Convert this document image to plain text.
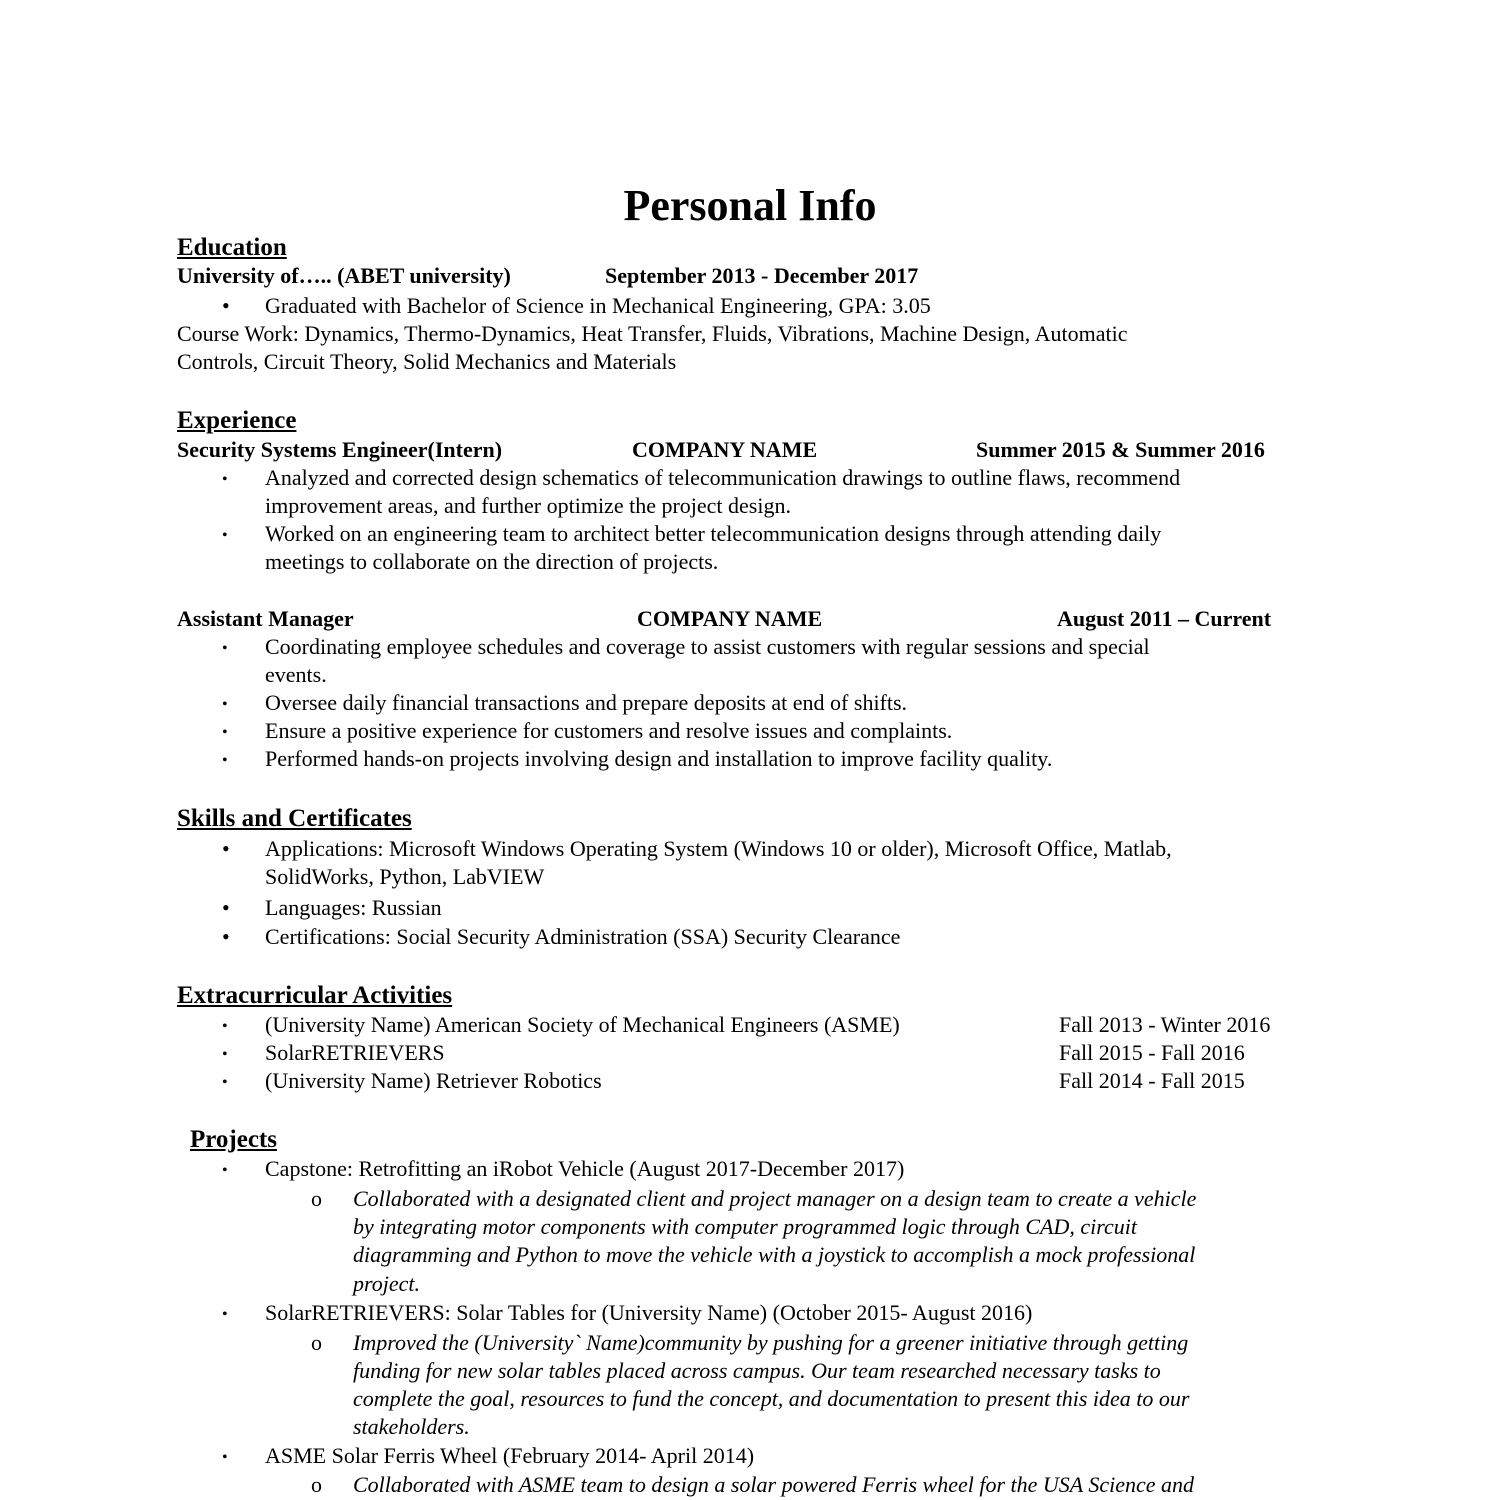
Personal Info
Education
University of….. (ABET university)	September 2013 - December 2017
• Graduated with Bachelor of Science in Mechanical Engineering, GPA: 3.05
Course Work: Dynamics, Thermo-Dynamics, Heat Transfer, Fluids, Vibrations, Machine Design, Automatic
Controls, Circuit Theory, Solid Mechanics and Materials
Experience
Security Systems Engineer(Intern)	COMPANY NAME	Summer 2015 & Summer 2016
• Analyzed and corrected design schematics of telecommunication drawings to outline flaws, recommend
improvement areas, and further optimize the project design.
• Worked on an engineering team to architect better telecommunication designs through attending daily
meetings to collaborate on the direction of projects.
Assistant Manager	COMPANY NAME	August 2011 – Current
• Coordinating employee schedules and coverage to assist customers with regular sessions and special
events.
• Oversee daily financial transactions and prepare deposits at end of shifts.
• Ensure a positive experience for customers and resolve issues and complaints.
• Performed hands-on projects involving design and installation to improve facility quality.
Skills and Certificates
• Applications: Microsoft Windows Operating System (Windows 10 or older), Microsoft Office, Matlab,
SolidWorks, Python, LabVIEW
• Languages: Russian
• Certifications: Social Security Administration (SSA) Security Clearance
Extracurricular Activities
• (University Name) American Society of Mechanical Engineers (ASME)	Fall 2013 - Winter 2016
• SolarRETRIEVERS	Fall 2015 - Fall 2016
• (University Name) Retriever Robotics	Fall 2014 - Fall 2015
Projects
• Capstone: Retrofitting an iRobot Vehicle (August 2017-December 2017)
o Collaborated with a designated client and project manager on a design team to create a vehicle
by integrating motor components with computer programmed logic through CAD, circuit
diagramming and Python to move the vehicle with a joystick to accomplish a mock professional
project.
• SolarRETRIEVERS: Solar Tables for (University Name) (October 2015- August 2016)
o Improved the (University` Name)community by pushing for a greener initiative through getting
funding for new solar tables placed across campus. Our team researched necessary tasks to
complete the goal, resources to fund the concept, and documentation to present this idea to our
stakeholders.
• ASME Solar Ferris Wheel (February 2014- April 2014)
o Collaborated with ASME team to design a solar powered Ferris wheel for the USA Science and
